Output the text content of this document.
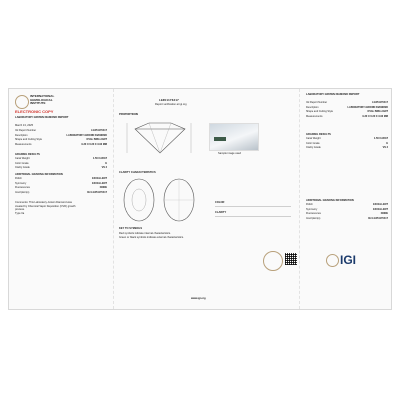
INTERNATIONAL
GEMOLOGICAL
INSTITUTE
ELECTRONIC COPY
LABORATORY GROWN DIAMOND REPORT
March 13, 2025
IGI Report Number	LG651176417
Description	LABORATORY-GROWN DIAMOND
Shape and Cutting Style	OVAL BRILLIANT
Measurements	9.30 X 6.30 X 3.90 MM
GRADING RESULTS
Carat Weight	1.50 CARAT
Color Grade	E
Clarity Grade	VS 2
ADDITIONAL GRADING INFORMATION
Polish	EXCELLENT
Symmetry	EXCELLENT
Fluorescence	NONE
Inscription(s)	IGI LG651176417
Comments: This Laboratory-Grown Diamond was
created by Chemical Vapor Deposition (CVD) growth
process.
Type IIa
LG651176417
Report verification at igi.org
PROPORTIONS
Sample image used
CLARITY CHARACTERISTICS
KEY TO SYMBOLS
Red symbols indicate internal characteristics.
Green or black symbols indicate external characteristics.
www.igi.org
COLOR
CLARITY
LABORATORY GROWN DIAMOND REPORT
IGI Report Number	LG651176417
Description	LABORATORY-GROWN DIAMOND
Shape and Cutting Style	OVAL BRILLIANT
Measurements	9.30 X 6.30 X 3.90 MM
GRADING RESULTS
Carat Weight	1.50 CARAT
Color Grade	E
Clarity Grade	VS 2
ADDITIONAL GRADING INFORMATION
Polish	EXCELLENT
Symmetry	EXCELLENT
Fluorescence	NONE
Inscription(s)	IGI LG651176417
IGI
